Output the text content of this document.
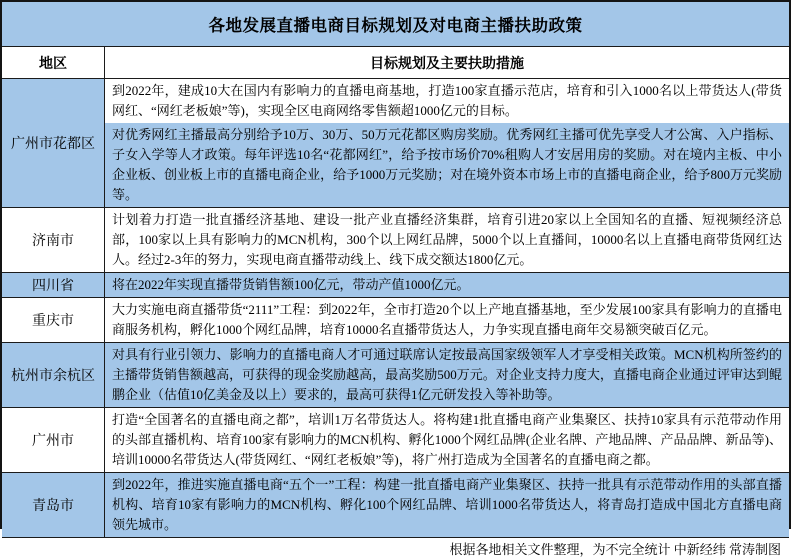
各地发展直播电商目标规划及对电商主播扶助政策
地区	目标规划及主要扶助措施
广州市花都区
到2022年，建成10大在国内有影响力的直播电商基地，打造100家直播示范店，培育和引入1000名以上带货达人(带货网红、“网红老板娘”等)，实现全区电商网络零售额超1000亿元的目标。
对优秀网红主播最高分别给予10万、30万、50万元花都区购房奖励。优秀网红主播可优先享受人才公寓、入户指标、子女入学等人才政策。每年评选10名“花都网红”，给予按市场价70%租购人才安居用房的奖励。对在境内主板、中小企业板、创业板上市的直播电商企业，给予1000万元奖励；对在境外资本市场上市的直播电商企业，给予800万元奖励等。
济南市
计划着力打造一批直播经济基地、建设一批产业直播经济集群，培育引进20家以上全国知名的直播、短视频经济总部，100家以上具有影响力的MCN机构，300个以上网红品牌，5000个以上直播间，10000名以上直播电商带货网红达人。经过2-3年的努力，实现电商直播带动线上、线下成交额达1800亿元。
四川省	将在2022年实现直播带货销售额100亿元，带动产值1000亿元。
重庆市
大力实施电商直播带货“2111”工程：到2022年，全市打造20个以上产地直播基地，至少发展100家具有影响力的直播电商服务机构，孵化1000个网红品牌，培育10000名直播带货达人，力争实现直播电商年交易额突破百亿元。
杭州市余杭区
对具有行业引领力、影响力的直播电商人才可通过联席认定按最高国家级领军人才享受相关政策。MCN机构所签约的主播带货销售额越高，可获得的现金奖励越高，最高奖励500万元。对企业支持力度大，直播电商企业通过评审达到鲲鹏企业（估值10亿美金及以上）要求的，最高可获得1亿元研发投入等补助等。
广州市
打造“全国著名的直播电商之都”，培训1万名带货达人。将构建1批直播电商产业集聚区、扶持10家具有示范带动作用的头部直播机构、培育100家有影响力的MCN机构、孵化1000个网红品牌(企业名牌、产地品牌、产品品牌、新品等)、培训10000名带货达人(带货网红、“网红老板娘”等)，将广州打造成为全国著名的直播电商之都。
青岛市
到2022年，推进实施直播电商“五个一”工程：构建一批直播电商产业集聚区、扶持一批具有示范带动作用的头部直播机构、培育10家有影响力的MCN机构、孵化100个网红品牌、培训1000名带货达人，将青岛打造成中国北方直播电商领先城市。
根据各地相关文件整理，为不完全统计 中新经纬 常涛制图
